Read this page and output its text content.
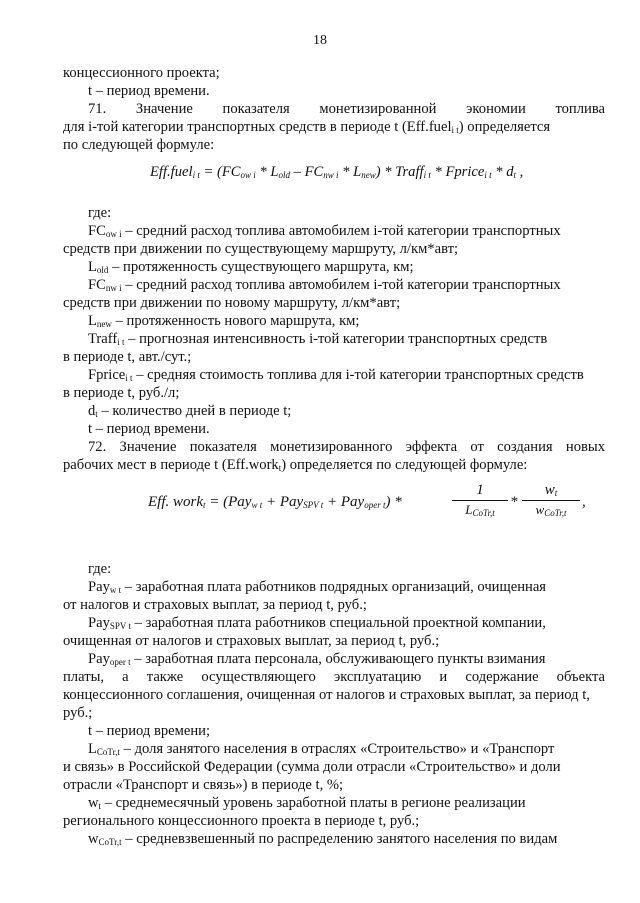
18
концессионного проекта;
t – период времени.
71. Значение показателя монетизированной экономии топлива
для i-той категории транспортных средств в периоде t (Eff.fuel$_{i t}$) определяется
по следующей формуле:
Eff.fuel$_{i t}$ = $(FC_{ow i} * L_{old} - FC_{nw i} * L_{new})$ * Traff$_{i t}$ * Fprice$_{i t}$ * $d_t$ ,
где:
$FC_{ow i}$ – средний расход топлива автомобилем i-той категории транспортных
средств при движении по существующему маршруту, л/км*авт;
$L_{old}$ – протяженность существующего маршрута, км;
$FC_{nw i}$ – средний расход топлива автомобилем i-той категории транспортных
средств при движении по новому маршруту, л/км*авт;
$L_{new}$ – протяженность нового маршрута, км;
Traff$_{i t}$ – прогнозная интенсивность i-той категории транспортных средств
в периоде t, авт./сут.;
Fprice$_{i t}$ – средняя стоимость топлива для i-той категории транспортных средств
в периоде t, руб./л;
$d_t$ – количество дней в периоде t;
t – период времени.
72. Значение показателя монетизированного эффекта от создания новых
рабочих мест в периоде t (Eff.work$_t$) определяется по следующей формуле:
Eff. work$_t$ = (Pay$_{w t}$ + Pay$_{SPV t}$ + Pay$_{oper t}$) *
1
$L_{CoTr,t}$
*
$w_t$
$w_{CoTr,t}$
,
где:
Pay$_{w t}$ – заработная плата работников подрядных организаций, очищенная
от налогов и страховых выплат, за период t, руб.;
Pay$_{SPV t}$ – заработная плата работников специальной проектной компании,
очищенная от налогов и страховых выплат, за период t, руб.;
Pay$_{oper t}$ – заработная плата персонала, обслуживающего пункты взимания
платы, а также осуществляющего эксплуатацию и содержание объекта
концессионного соглашения, очищенная от налогов и страховых выплат, за период t,
руб.;
t – период времени;
$L_{CoTr,t}$ – доля занятого населения в отраслях «Строительство» и «Транспорт
и связь» в Российской Федерации (сумма доли отрасли «Строительство» и доли
отрасли «Транспорт и связь») в периоде t, %;
$w_t$ – среднемесячный уровень заработной платы в регионе реализации
регионального концессионного проекта в периоде t, руб.;
$w_{CoTr,t}$ – средневзвешенный по распределению занятого населения по видам
